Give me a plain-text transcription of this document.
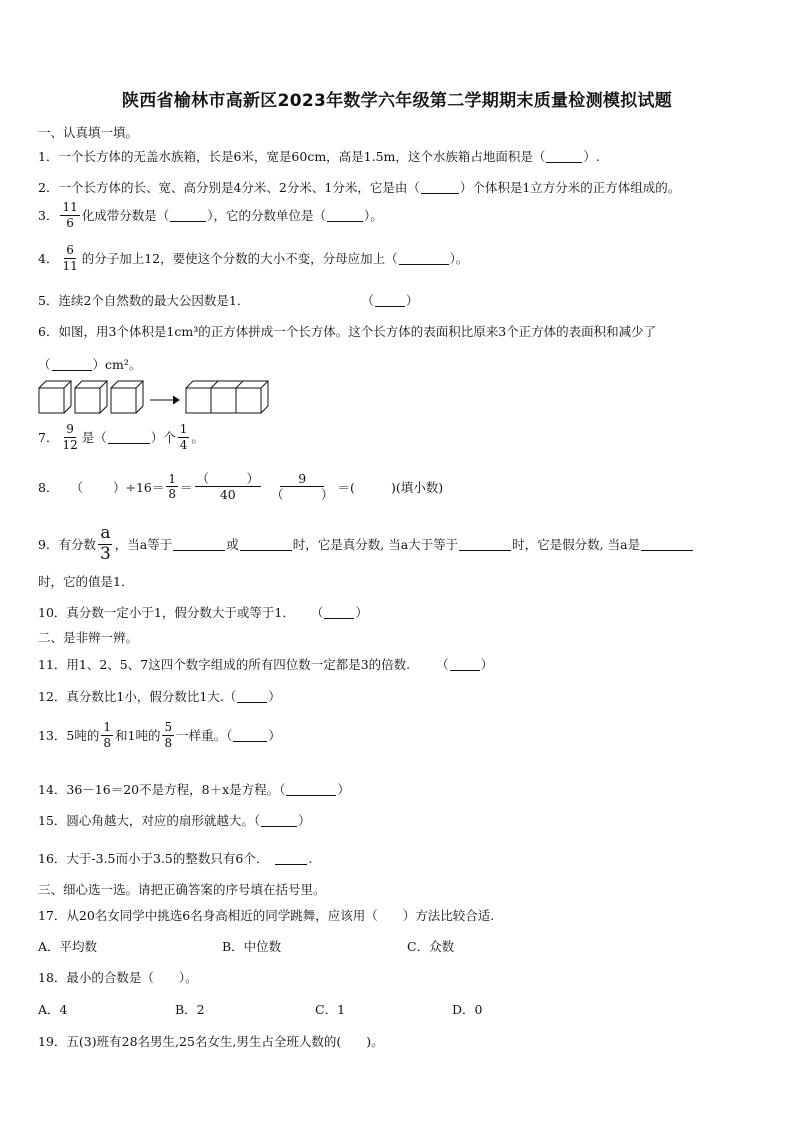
陕西省榆林市高新区2023年数学六年级第二学期期末质量检测模拟试题
一、认真填一填。
1． 一个长方体的无盖水族箱，长是6米，宽是60cm，高是1.5m，这个水族箱占地面积是（	）.
2． 一个长方体的长、宽、高分别是4分米、2分米、1分米，它是由（	）个体积是1立方分米的正方体组成的。
3． $\frac{11}{6}$ 化成带分数是（	），它的分数单位是（	）。
4． $\frac{6}{11}$ 的分子加上12，要使这个分数的大小不变，分母应加上（	）。
5． 连续2个自然数的最大公因数是1．	（	）
6． 如图，用3个体积是1cm³的正方体拼成一个长方体。这个长方体的表面积比原来3个正方体的表面积和减少了
（	）cm²。
7． $\frac{9}{12}$ 是（	）个 $\frac{1}{4}$ 。
8． （ ）$\div 16= \frac{1}{8} = \frac{( )}{40} \frac{9}{( )}$ ＝(	)(填小数)
9． 有分数 $\frac{a}{3}$ ，当a等于	或	时，它是真分数, 当a大于等于	时，它是假分数, 当a是
时，它的值是1．
10． 真分数一定小于1，假分数大于或等于1． （	）
二、是非辨一辨。
11． 用1、2、5、7这四个数字组成的所有四位数一定都是3的倍数. （	）
12． 真分数比1小，假分数比1大.（	）
13． 5吨的 $\frac{1}{8}$ 和1吨的 $\frac{5}{8}$ 一样重。（	）
14． 36－16＝20不是方程，8＋x是方程。（	）
15． 圆心角越大，对应的扇形就越大。（	）
16． 大于-3.5而小于3.5的整数只有6个．	.
三、细心选一选。请把正确答案的序号填在括号里。
17． 从20名女同学中挑选6名身高相近的同学跳舞，应该用（　　）方法比较合适.
A．平均数	B．中位数	C．众数
18． 最小的合数是（　　）。
A．4	B．2	C．1	D．0
19． 五(3)班有28名男生,25名女生,男生占全班人数的(　　)。
